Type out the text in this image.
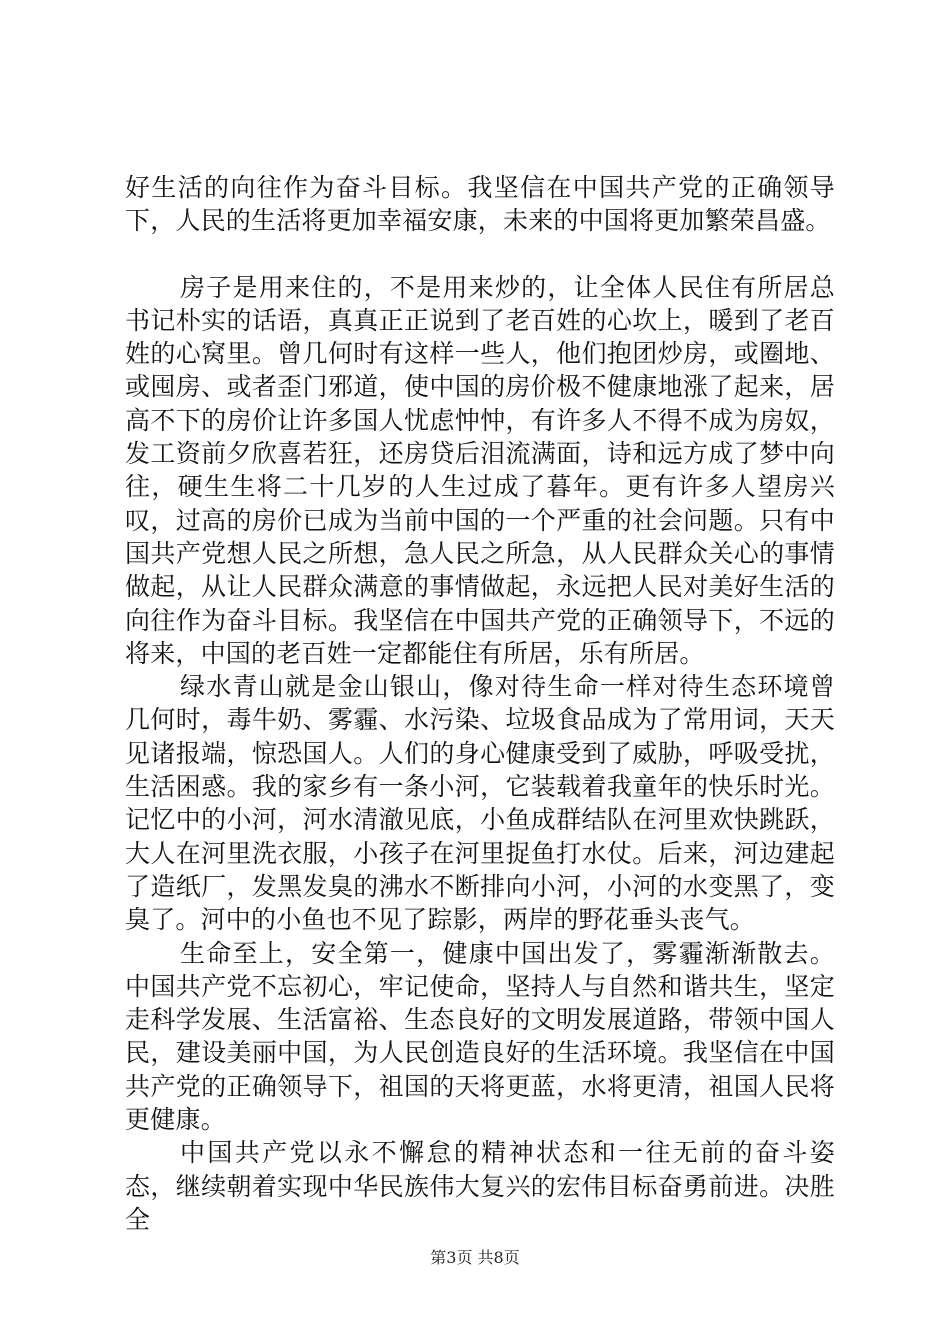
好生活的向往作为奋斗目标。我坚信在中国共产党的正确领导下，人民的生活将更加幸福安康，未来的中国将更加繁荣昌盛。

房子是用来住的，不是用来炒的，让全体人民住有所居总书记朴实的话语，真真正正说到了老百姓的心坎上，暖到了老百姓的心窝里。曾几何时有这样一些人，他们抱团炒房，或圈地、或囤房、或者歪门邪道，使中国的房价极不健康地涨了起来，居高不下的房价让许多国人忧虑忡忡，有许多人不得不成为房奴，发工资前夕欣喜若狂，还房贷后泪流满面，诗和远方成了梦中向往，硬生生将二十几岁的人生过成了暮年。更有许多人望房兴叹，过高的房价已成为当前中国的一个严重的社会问题。只有中国共产党想人民之所想，急人民之所急，从人民群众关心的事情做起，从让人民群众满意的事情做起，永远把人民对美好生活的向往作为奋斗目标。我坚信在中国共产党的正确领导下，不远的将来，中国的老百姓一定都能住有所居，乐有所居。

绿水青山就是金山银山，像对待生命一样对待生态环境曾几何时，毒牛奶、雾霾、水污染、垃圾食品成为了常用词，天天见诸报端，惊恐国人。人们的身心健康受到了威胁，呼吸受扰，生活困惑。我的家乡有一条小河，它装载着我童年的快乐时光。记忆中的小河，河水清澈见底，小鱼成群结队在河里欢快跳跃，大人在河里洗衣服，小孩子在河里捉鱼打水仗。后来，河边建起了造纸厂，发黑发臭的沸水不断排向小河，小河的水变黑了，变臭了。河中的小鱼也不见了踪影，两岸的野花垂头丧气。

生命至上，安全第一，健康中国出发了，雾霾渐渐散去。中国共产党不忘初心，牢记使命，坚持人与自然和谐共生，坚定走科学发展、生活富裕、生态良好的文明发展道路，带领中国人民，建设美丽中国，为人民创造良好的生活环境。我坚信在中国共产党的正确领导下，祖国的天将更蓝，水将更清，祖国人民将更健康。

中国共产党以永不懈怠的精神状态和一往无前的奋斗姿态，继续朝着实现中华民族伟大复兴的宏伟目标奋勇前进。决胜全

第3页 共8页
